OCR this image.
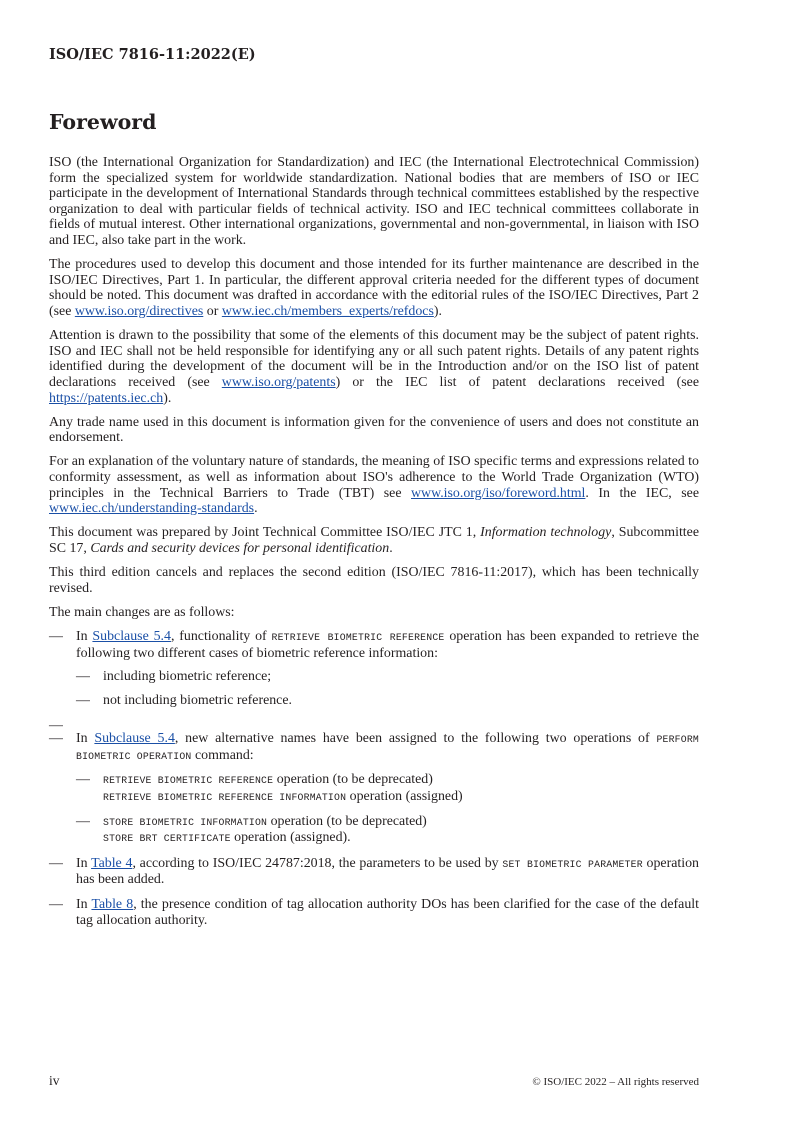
ISO/IEC 7816-11:2022(E)
Foreword

ISO (the International Organization for Standardization) and IEC (the International Electrotechnical Commission) form the specialized system for worldwide standardization. National bodies that are members of ISO or IEC participate in the development of International Standards through technical committees established by the respective organization to deal with particular fields of technical activity. ISO and IEC technical committees collaborate in fields of mutual interest. Other international organizations, governmental and non-governmental, in liaison with ISO and IEC, also take part in the work.

The procedures used to develop this document and those intended for its further maintenance are described in the ISO/IEC Directives, Part 1. In particular, the different approval criteria needed for the different types of document should be noted. This document was drafted in accordance with the editorial rules of the ISO/IEC Directives, Part 2 (see www.iso.org/directives or www.iec.ch/members_experts/refdocs).

Attention is drawn to the possibility that some of the elements of this document may be the subject of patent rights. ISO and IEC shall not be held responsible for identifying any or all such patent rights. Details of any patent rights identified during the development of the document will be in the Introduction and/or on the ISO list of patent declarations received (see www.iso.org/patents) or the IEC list of patent declarations received (see https://patents.iec.ch).

Any trade name used in this document is information given for the convenience of users and does not constitute an endorsement.

For an explanation of the voluntary nature of standards, the meaning of ISO specific terms and expressions related to conformity assessment, as well as information about ISO's adherence to the World Trade Organization (WTO) principles in the Technical Barriers to Trade (TBT) see www.iso.org/iso/foreword.html. In the IEC, see www.iec.ch/understanding-standards.

This document was prepared by Joint Technical Committee ISO/IEC JTC 1, Information technology, Subcommittee SC 17, Cards and security devices for personal identification.

This third edition cancels and replaces the second edition (ISO/IEC 7816-11:2017), which has been technically revised.

The main changes are as follows:

— In Subclause 5.4, functionality of RETRIEVE BIOMETRIC REFERENCE operation has been expanded to retrieve the following two different cases of biometric reference information:
— including biometric reference;
— not including biometric reference.
—
— In Subclause 5.4, new alternative names have been assigned to the following two operations of PERFORM BIOMETRIC OPERATION command:
— RETRIEVE BIOMETRIC REFERENCE operation (to be deprecated)
RETRIEVE BIOMETRIC REFERENCE INFORMATION operation (assigned)
— STORE BIOMETRIC INFORMATION operation (to be deprecated)
STORE BRT CERTIFICATE operation (assigned).
— In Table 4, according to ISO/IEC 24787:2018, the parameters to be used by SET BIOMETRIC PARAMETER operation has been added.
— In Table 8, the presence condition of tag allocation authority DOs has been clarified for the case of the default tag allocation authority.
iv	© ISO/IEC 2022 – All rights reserved
